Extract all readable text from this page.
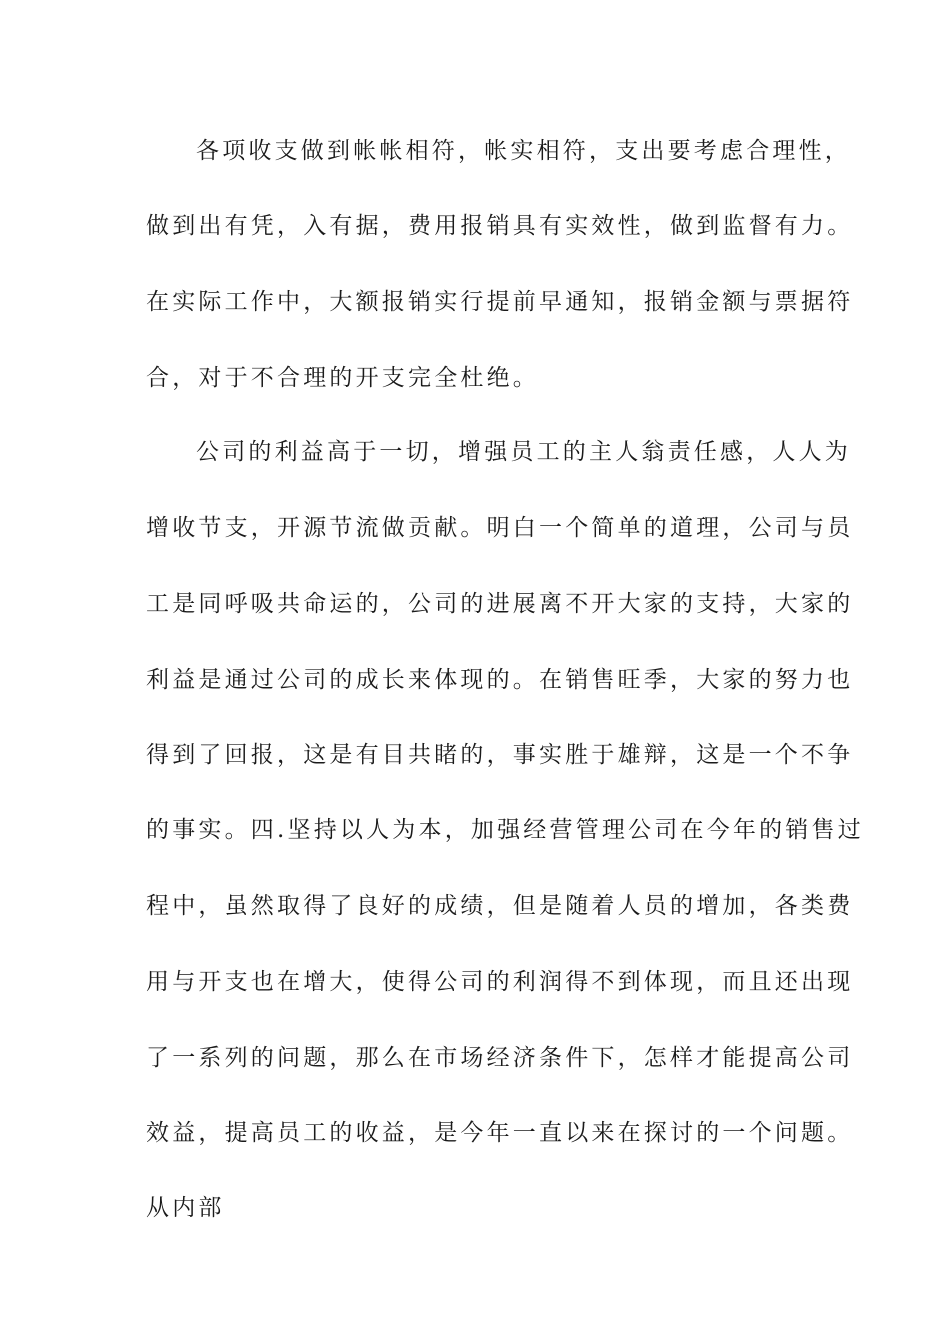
各项收支做到帐帐相符，帐实相符，支出要考虑合理性，
做到出有凭，入有据，费用报销具有实效性，做到监督有力。
在实际工作中，大额报销实行提前早通知，报销金额与票据符
合，对于不合理的开支完全杜绝。
公司的利益高于一切，增强员工的主人翁责任感，人人为
增收节支，开源节流做贡献。明白一个简单的道理，公司与员
工是同呼吸共命运的，公司的进展离不开大家的支持，大家的
利益是通过公司的成长来体现的。在销售旺季，大家的努力也
得到了回报，这是有目共睹的，事实胜于雄辩，这是一个不争
的事实。四.坚持以人为本，加强经营管理公司在今年的销售过
程中，虽然取得了良好的成绩，但是随着人员的增加，各类费
用与开支也在增大，使得公司的利润得不到体现，而且还出现
了一系列的问题，那么在市场经济条件下，怎样才能提高公司
效益，提高员工的收益，是今年一直以来在探讨的一个问题。
从内部
